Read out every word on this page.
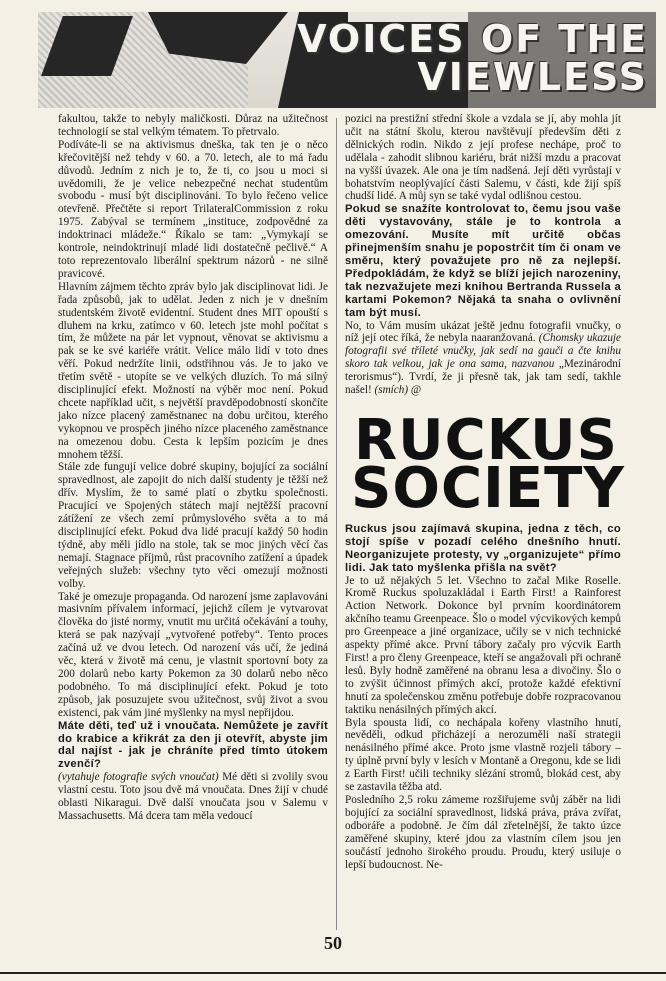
VOICES OF THE
VIEWLESS

fakultou, takže to nebyly maličkosti. Důraz na užitečnost technologií se stal velkým tématem. To přetrvalo.

Podíváte-li se na aktivismus dneška, tak ten je o něco křečovitější než tehdy v 60. a 70. letech, ale to má řadu důvodů. Jedním z nich je to, že ti, co jsou u moci si uvědomili, že je velice nebezpečné nechat studentům svobodu - musí být disciplinováni. To bylo řečeno velice otevřeně. Přečtěte si report TrilateralCommission z roku 1975. Zabýval se termínem „instituce, zodpovědné za indoktrinaci mládeže.“ Říkalo se tam: „Vymykají se kontrole, neindoktrinují mladé lidi dostatečně pečlivě.“ A toto reprezentovalo liberální spektrum názorů - ne silně pravicové.

Hlavním zájmem těchto zpráv bylo jak disciplinovat lidi. Je řada způsobů, jak to udělat. Jeden z nich je v dnešním studentském životě evidentní. Student dnes MIT opouští s dluhem na krku, zatímco v 60. letech jste mohl počítat s tím, že můžete na pár let vypnout, věnovat se aktivismu a pak se ke své kariéře vrátit. Velice málo lidí v toto dnes věří. Pokud nedržíte linii, odstřihnou vás. Je to jako ve třetím světě - utopíte se ve velkých dluzích. To má silný disciplinující efekt. Možností na výběr moc není. Pokud chcete například učit, s největší pravděpodobností skončíte jako nízce placený zaměstnanec na dobu určitou, kterého vykopnou ve prospěch jiného nízce placeného zaměstnance na omezenou dobu. Cesta k lepším pozicím je dnes mnohem těžší.

Stále zde fungují velice dobré skupiny, bojující za sociální spravedlnost, ale zapojit do nich další studenty je těžší než dřív. Myslím, že to samé platí o zbytku společnosti. Pracující ve Spojených státech mají nejtěžší pracovní zátížení ze všech zemí průmyslového světa a to má disciplinující efekt. Pokud dva lidé pracují každý 50 hodin týdně, aby měli jídlo na stole, tak se moc jiných věcí čas nemají. Stagnace příjmů, růst pracovního zatížení a úpadek veřejných služeb: všechny tyto věci omezují možnosti volby.

Také je omezuje propaganda. Od narození jsme zaplavováni masivním přívalem informací, jejichž cílem je vytvarovat člověka do jisté normy, vnutit mu určitá očekávání a touhy, která se pak nazývají „vytvořené potřeby“. Tento proces začíná už ve dvou letech. Od narození vás učí, že jediná věc, která v životě má cenu, je vlastnit sportovní boty za 200 dolarů nebo karty Pokemon za 30 dolarů nebo něco podobného. To má disciplinující efekt. Pokud je toto způsob, jak posuzujete svou užitečnost, svůj život a svou existenci, pak vám jiné myšlenky na mysl nepřijdou.

Máte děti, teď už i vnoučata. Nemůžete je zavřít do krabice a křikrát za den ji otevřít, abyste jim dal najíst - jak je chráníte před tímto útokem zvenčí?

(vytahuje fotografie svých vnoučat) Mé děti si zvolily svou vlastní cestu. Toto jsou dvě má vnoučata. Dnes žijí v chudé oblasti Nikaragui. Dvě další vnoučata jsou v Salemu v Massachusetts. Má dcera tam měla vedoucí

pozici na prestižní střední škole a vzdala se jí, aby mohla jít učit na státní školu, kterou navštěvují především děti z dělnických rodin. Nikdo z její profese nechápe, proč to udělala - zahodit slibnou kariéru, brát nižší mzdu a pracovat na vyšší úvazek. Ale ona je tím nadšená. Její děti vyrůstají v bohatstvím neoplývající části Salemu, v části, kde žijí spíš chudší lidé. A můj syn se také vydal odlišnou cestou.

Pokud se snažíte kontrolovat to, čemu jsou vaše děti vystavovány, stále je to kontrola a omezování. Musíte mít určitě občas přinejmenším snahu je popostrčit tím či onam ve směru, který považujete pro ně za nejlepší. Předpokládám, že když se blíží jejich narozeniny, tak nezvažujete mezi knihou Bertranda Russela a kartami Pokemon? Nějaká ta snaha o ovlivnění tam být musí.

No, to Vám musím ukázat ještě jednu fotografii vnučky, o níž její otec říká, že nebyla naaranžovaná. (Chomsky ukazuje fotografii své tříleté vnučky, jak sedí na gauči a čte knihu skoro tak velkou, jak je ona sama, nazvanou „Mezinárodní terorismus“). Tvrdí, že ji přesně tak, jak tam sedí, takhle našel! (smích) @

RUCKUS
SOCIETY

Ruckus jsou zajímavá skupina, jedna z těch, co stojí spíše v pozadí celého dnešního hnutí. Neorganizujete protesty, vy „organizujete“ přímo lidi. Jak tato myšlenka přišla na svět?

Je to už nějakých 5 let. Všechno to začal Mike Roselle. Kromě Ruckus spoluzakládal i Earth First! a Rainforest Action Network. Dokonce byl prvním koordinátorem akčního teamu Greenpeace. Šlo o model výcvikových kempů pro Greenpeace a jiné organizace, učily se v nich technické aspekty přímé akce. První tábory začaly pro výcvik Earth First! a pro členy Greenpeace, kteří se angažovali při ochraně lesů. Byly hodně zaměřené na obranu lesa a divočiny. Šlo o to zvýšit účinnost přímých akcí, protože každé efektivní hnutí za společenskou změnu potřebuje dobře rozpracovanou taktiku nenásilných přímých akcí.

Byla spousta lidí, co nechápala kořeny vlastního hnutí, nevěděli, odkud přicházejí a nerozuměli naší strategii nenásilného přímé akce. Proto jsme vlastně rozjeli tábory – ty úplně první byly v lesích v Montaně a Oregonu, kde se lidi z Earth First! učili techniky slézání stromů, blokád cest, aby se zastavila těžba atd.

Posledního 2,5 roku zámeme rozšiřujeme svůj záběr na lidi bojující za sociální spravedlnost, lidská práva, práva zvířat, odboráře a podobně. Je čím dál zřetelnější, že takto úzce zaměřené skupiny, které jdou za vlastním cílem jsou jen součástí jednoho širokého proudu. Proudu, který usiluje o lepší budoucnost. Ne-

50
